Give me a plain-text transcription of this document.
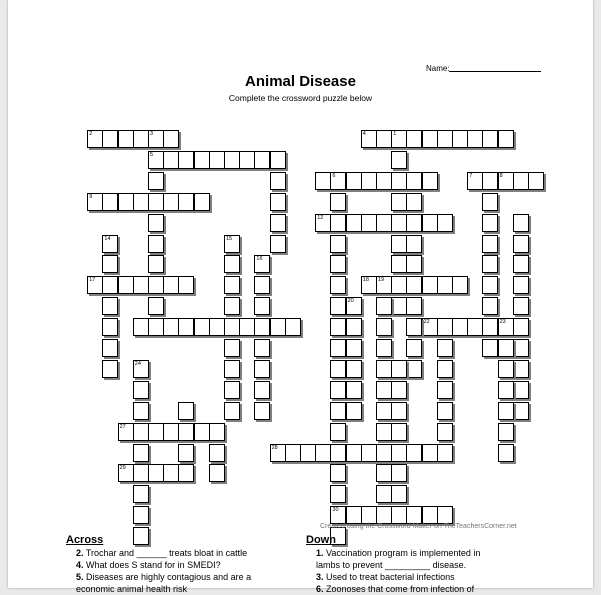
Name:
Animal Disease
Complete the crossword puzzle below
2	3	4	1
5
6	7	8
9
12
17	18 19
22	23
27
28
29
30
14	15
16
20
24
Created using the Crossword Maker on TheTeachersCorner.net
Across
2. Trochar and ______ treats bloat in cattle
4. What does S stand for in SMEDI?
5. Diseases are highly contagious and are a
economic animal health risk
Down
1. Vaccination program is implemented in
lambs to prevent _________ disease.
3. Used to treat bacterial infections
6. Zoonoses that come from infection of
